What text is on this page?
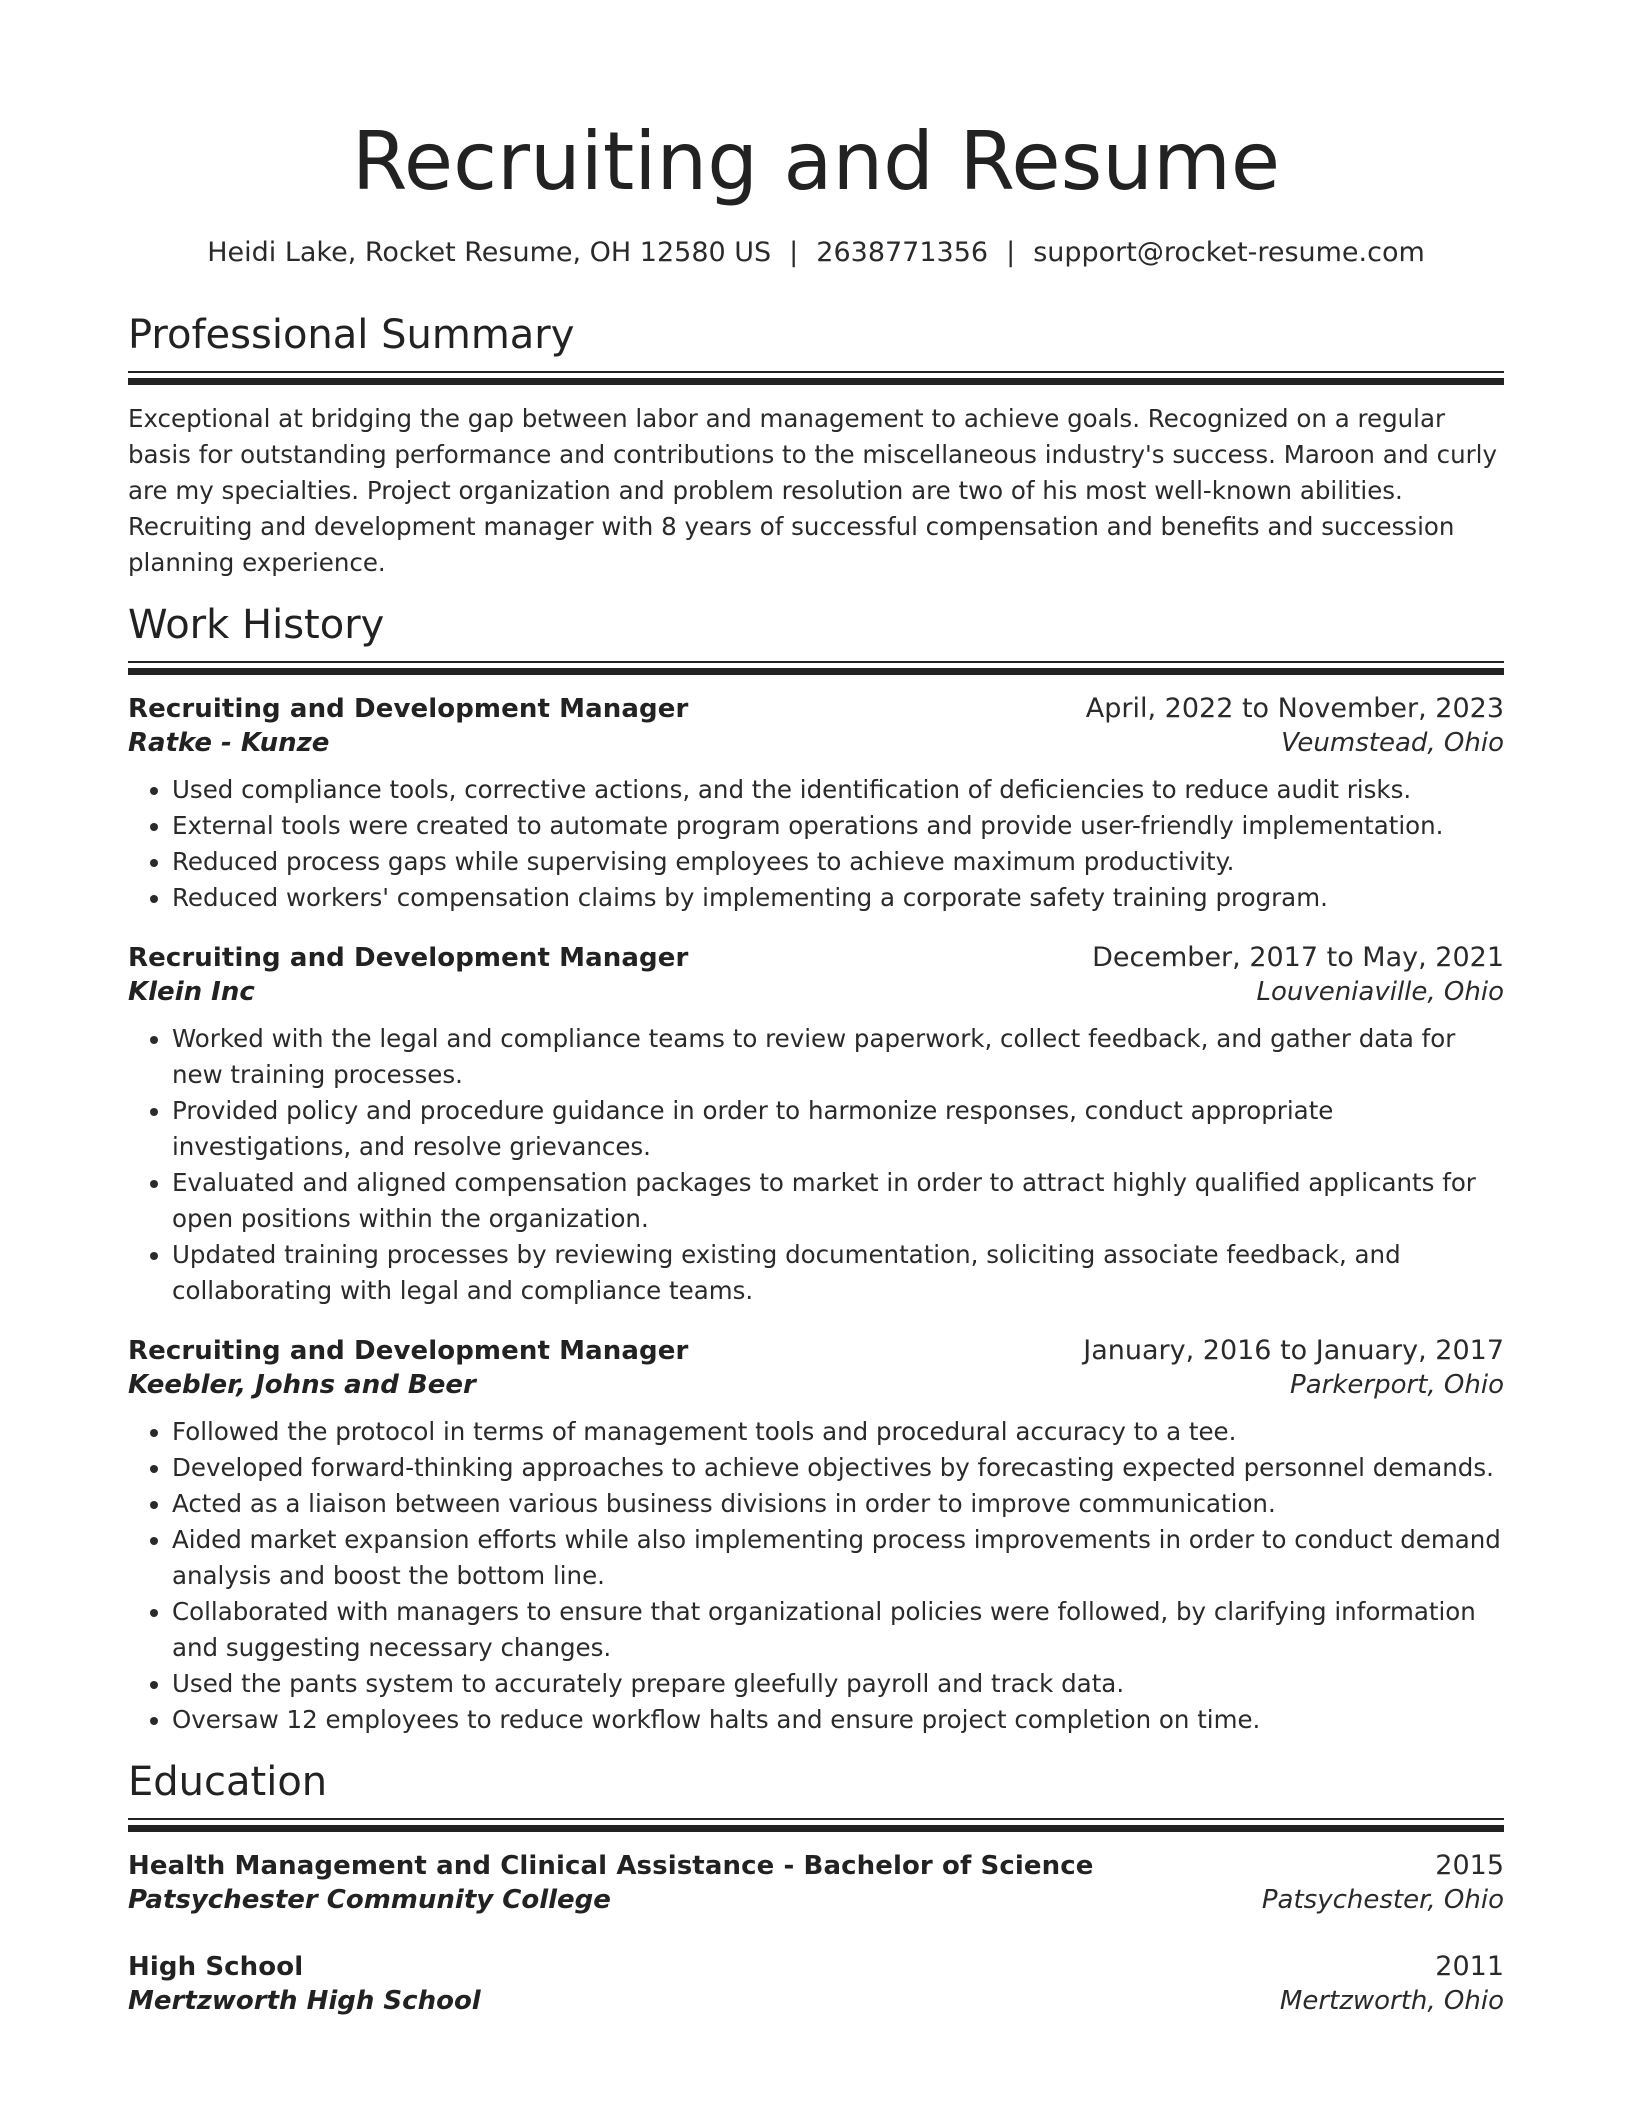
Recruiting and Resume
Heidi Lake, Rocket Resume, OH 12580 US | 2638771356 | support@rocket-resume.com
Professional Summary
Exceptional at bridging the gap between labor and management to achieve goals. Recognized on a regular basis for outstanding performance and contributions to the miscellaneous industry's success. Maroon and curly are my specialties. Project organization and problem resolution are two of his most well-known abilities. Recruiting and development manager with 8 years of successful compensation and benefits and succession planning experience.
Work History
Recruiting and Development Manager	April, 2022 to November, 2023
Ratke - Kunze	Veumstead, Ohio
• Used compliance tools, corrective actions, and the identification of deficiencies to reduce audit risks.
• External tools were created to automate program operations and provide user-friendly implementation.
• Reduced process gaps while supervising employees to achieve maximum productivity.
• Reduced workers' compensation claims by implementing a corporate safety training program.
Recruiting and Development Manager	December, 2017 to May, 2021
Klein Inc	Louveniaville, Ohio
• Worked with the legal and compliance teams to review paperwork, collect feedback, and gather data for new training processes.
• Provided policy and procedure guidance in order to harmonize responses, conduct appropriate investigations, and resolve grievances.
• Evaluated and aligned compensation packages to market in order to attract highly qualified applicants for open positions within the organization.
• Updated training processes by reviewing existing documentation, soliciting associate feedback, and collaborating with legal and compliance teams.
Recruiting and Development Manager	January, 2016 to January, 2017
Keebler, Johns and Beer	Parkerport, Ohio
• Followed the protocol in terms of management tools and procedural accuracy to a tee.
• Developed forward-thinking approaches to achieve objectives by forecasting expected personnel demands.
• Acted as a liaison between various business divisions in order to improve communication.
• Aided market expansion efforts while also implementing process improvements in order to conduct demand analysis and boost the bottom line.
• Collaborated with managers to ensure that organizational policies were followed, by clarifying information and suggesting necessary changes.
• Used the pants system to accurately prepare gleefully payroll and track data.
• Oversaw 12 employees to reduce workflow halts and ensure project completion on time.
Education
Health Management and Clinical Assistance - Bachelor of Science	2015
Patsychester Community College	Patsychester, Ohio
High School	2011
Mertzworth High School	Mertzworth, Ohio
